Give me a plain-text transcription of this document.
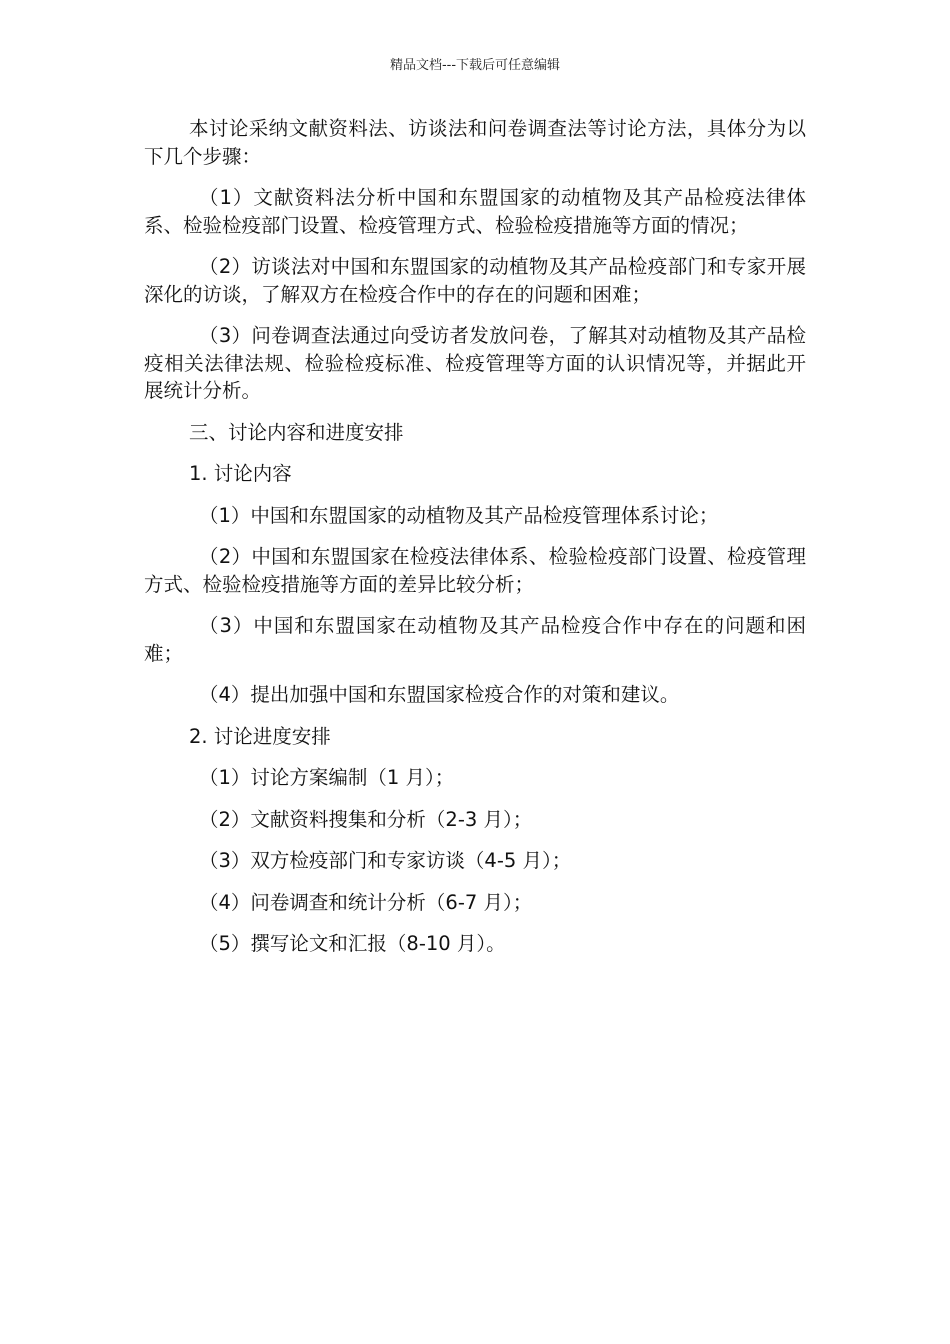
精品文档---下载后可任意编辑

本讨论采纳文献资料法、访谈法和问卷调查法等讨论方法，具体分为以下几个步骤：

（1）文献资料法分析中国和东盟国家的动植物及其产品检疫法律体系、检验检疫部门设置、检疫管理方式、检验检疫措施等方面的情况；

（2）访谈法对中国和东盟国家的动植物及其产品检疫部门和专家开展深化的访谈，了解双方在检疫合作中的存在的问题和困难；

（3）问卷调查法通过向受访者发放问卷，了解其对动植物及其产品检疫相关法律法规、检验检疫标准、检疫管理等方面的认识情况等，并据此开展统计分析。

三、讨论内容和进度安排

1. 讨论内容

（1）中国和东盟国家的动植物及其产品检疫管理体系讨论；

（2）中国和东盟国家在检疫法律体系、检验检疫部门设置、检疫管理方式、检验检疫措施等方面的差异比较分析；

（3）中国和东盟国家在动植物及其产品检疫合作中存在的问题和困难；

（4）提出加强中国和东盟国家检疫合作的对策和建议。

2. 讨论进度安排

（1）讨论方案编制（1 月）；

（2）文献资料搜集和分析（2-3 月）；

（3）双方检疫部门和专家访谈（4-5 月）；

（4）问卷调查和统计分析（6-7 月）；

（5）撰写论文和汇报（8-10 月）。
